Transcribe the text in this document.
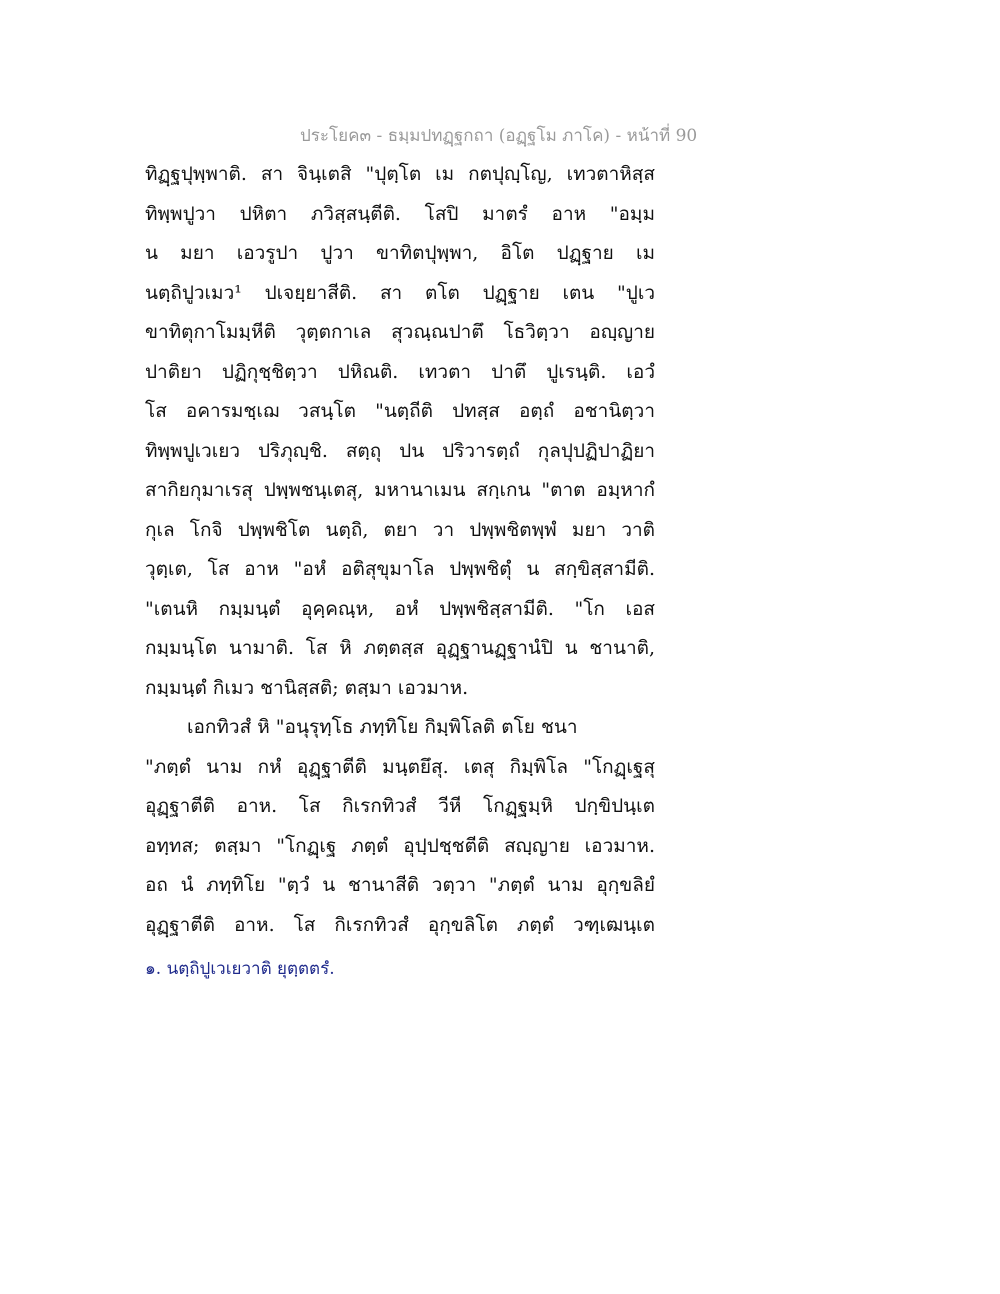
ประโยค๓ - ธมฺมปทฏฺฐกถา (อฏฺฐโม ภาโค) - หน้าที่ 90
ทิฏฺฐปุพฺพาติ. สา จินฺเตสิ "ปุตฺโต เม กตปุญฺโญ, เทวตาหิสฺส
ทิพฺพปูวา ปหิตา ภวิสฺสนฺตีติ. โสปิ มาตรํ อาห "อมฺม
น มยา เอวรูปา ปูวา ขาทิตปุพฺพา, อิโต ปฏฺฐาย เม
นตฺถิปูวเมว¹ ปเจยฺยาสีติ. สา ตโต ปฏฺฐาย เตน "ปูเว
ขาทิตุกาโมมฺหีติ วุตฺตกาเล สุวณฺณปาตึ โธวิตฺวา อญฺญาย
ปาติยา ปฏิกุชฺชิตฺวา ปหิณติ. เทวตา ปาตึ ปูเรนฺติ. เอวํ
โส อคารมชฺเฌ วสนฺโต "นตฺถีติ ปทสฺส อตฺถํ อชานิตฺวา
ทิพฺพปูเวเยว ปริภุญฺชิ. สตฺถุ ปน ปริวารตฺถํ กุลปุปฏิปาฏิยา
สากิยกุมาเรสุ ปพฺพชนฺเตสุ, มหานาเมน สกฺเกน "ตาต อมฺหากํ
กุเล โกจิ ปพฺพชิโต นตฺถิ, ตยา วา ปพฺพชิตพฺพํ มยา วาติ
วุตฺเต, โส อาห "อหํ อติสุขุมาโล ปพฺพชิตุํ น สกฺขิสฺสามีติ.
"เตนหิ กมฺมนฺตํ อุคฺคณฺห, อหํ ปพฺพชิสฺสามีติ. "โก เอส
กมฺมนฺโต นามาติ. โส หิ ภตฺตสฺส อุฏฺฐานฏฺฐานํปิ น ชานาติ,
กมฺมนฺตํ กิเมว ชานิสฺสติ; ตสฺมา เอวมาห.
เอกทิวสํ หิ "อนุรุทฺโธ ภทฺทิโย กิมฺพิโลติ ตโย ชนา
"ภตฺตํ นาม กหํ อุฏฺฐาตีติ มนฺตยึสุ. เตสุ กิมฺพิโล "โกฏฺเฐสุ
อุฏฺฐาตีติ อาห. โส กิเรกทิวสํ วีหี โกฏฺฐมฺหิ ปกฺขิปนฺเต
อทฺทส; ตสฺมา "โกฏฺเฐ ภตฺตํ อุปฺปชฺชตีติ สญฺญาย เอวมาห.
อถ นํ ภทฺทิโย "ตฺวํ น ชานาสีติ วตฺวา "ภตฺตํ นาม อุกฺขลิยํ
อุฏฺฐาตีติ อาห. โส กิเรกทิวสํ อุกฺขลิโต ภตฺตํ วฑฺเฒนฺเต
๑. นตฺถิปูเวเยวาติ ยุตฺตตรํ.
